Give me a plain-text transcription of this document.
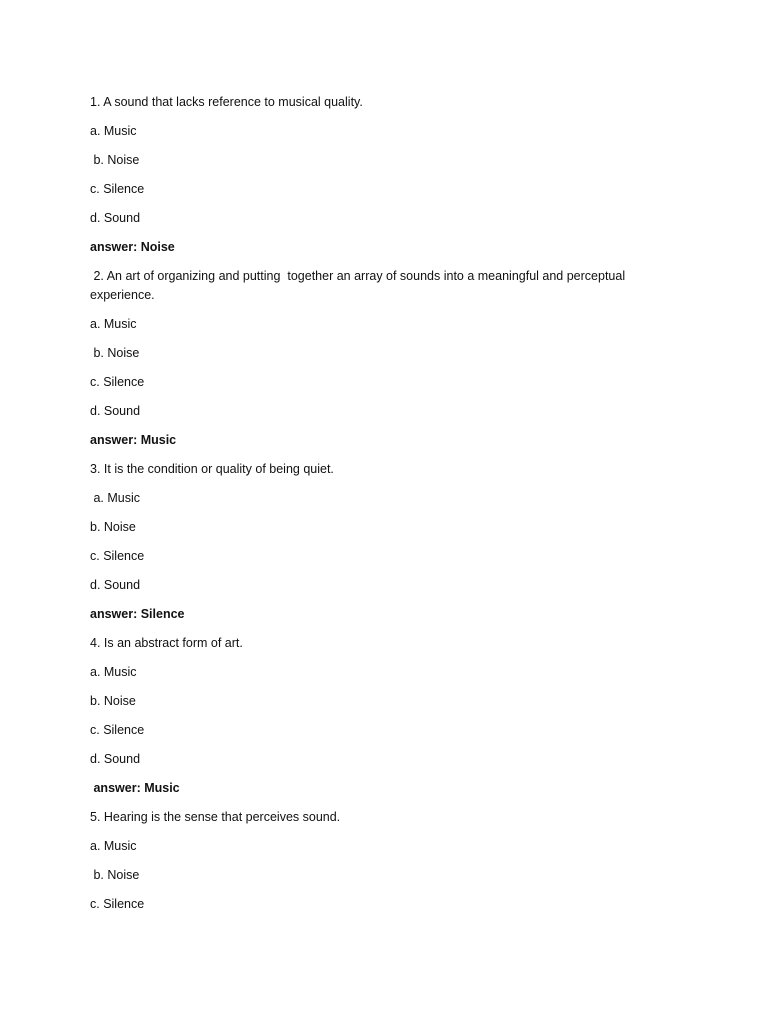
1. A sound that lacks reference to musical quality.
a. Music
b. Noise
c. Silence
d. Sound
answer: Noise
2. An art of organizing and putting  together an array of sounds into a meaningful and perceptual experience.
a. Music
b. Noise
c. Silence
d. Sound
answer: Music
3. It is the condition or quality of being quiet.
a. Music
b. Noise
c. Silence
d. Sound
answer: Silence
4. Is an abstract form of art.
a. Music
b. Noise
c. Silence
d. Sound
answer: Music
5. Hearing is the sense that perceives sound.
a. Music
b. Noise
c. Silence
